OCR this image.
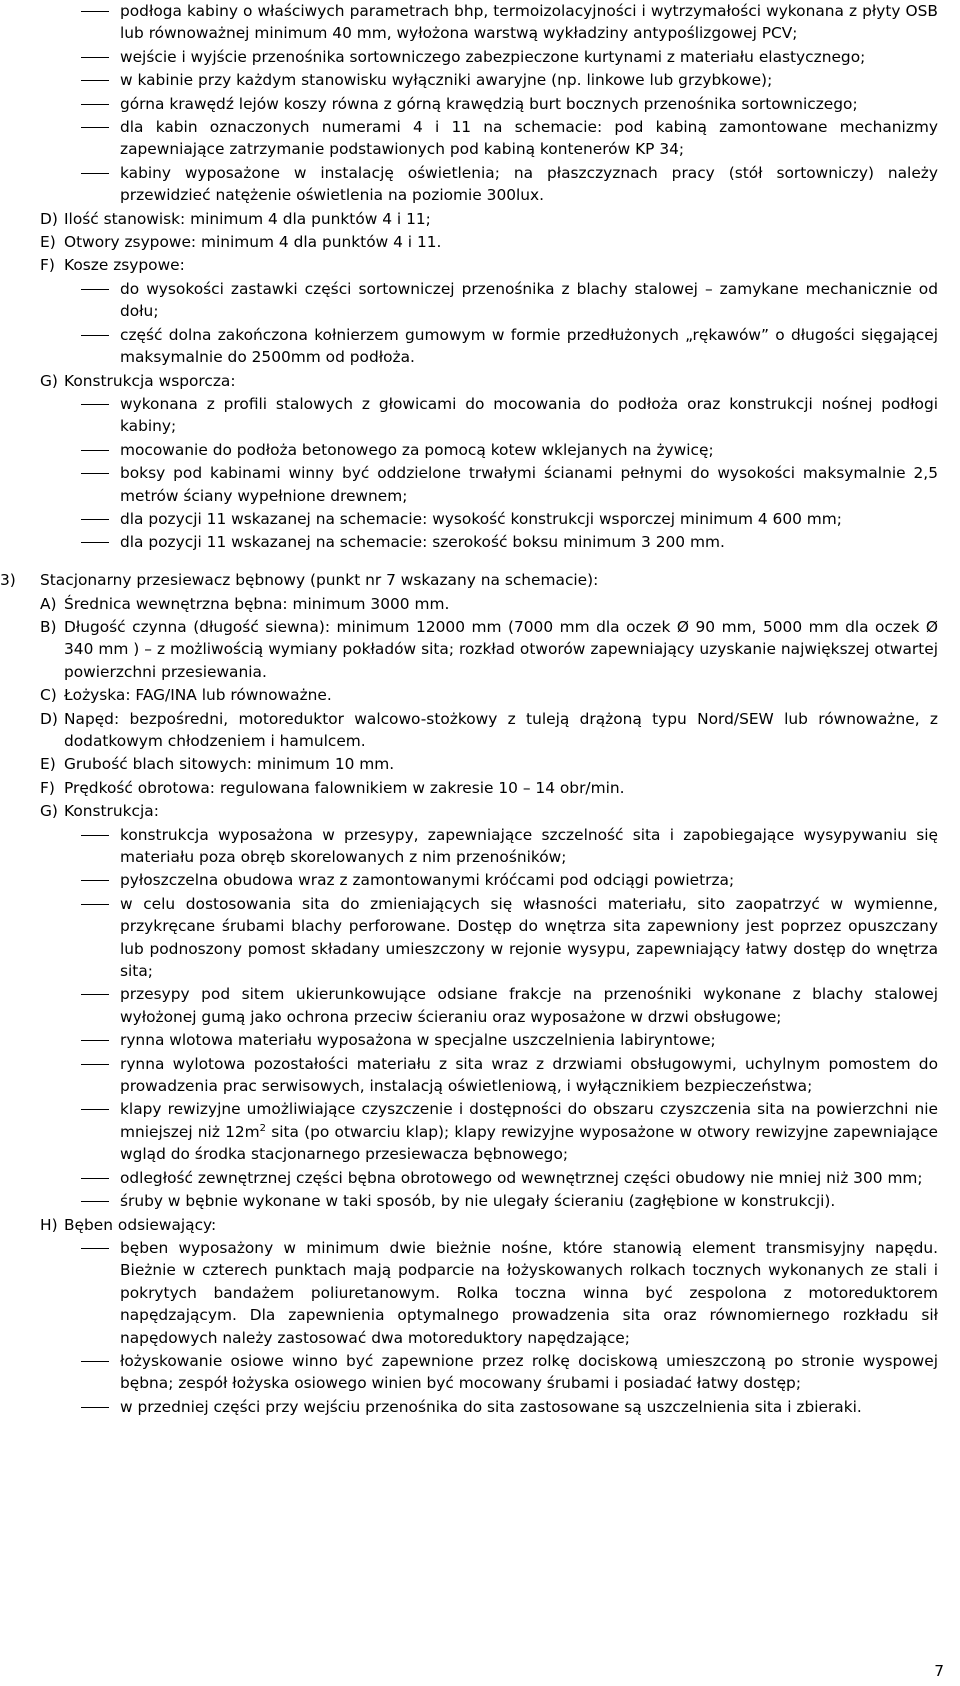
podłoga kabiny o właściwych parametrach bhp, termoizolacyjności i wytrzymałości wykonana z płyty OSB lub równoważnej minimum 40 mm, wyłożona warstwą wykładziny antypoślizgowej PCV;

wejście i wyjście przenośnika sortowniczego zabezpieczone kurtynami z materiału elastycznego;

w kabinie przy każdym stanowisku wyłączniki awaryjne (np. linkowe lub grzybkowe);

górna krawędź lejów koszy równa z górną krawędzią burt bocznych przenośnika sortowniczego;

dla kabin oznaczonych numerami 4 i 11 na schemacie: pod kabiną zamontowane mechanizmy zapewniające zatrzymanie podstawionych pod kabiną kontenerów KP 34;

kabiny wyposażone w instalację oświetlenia; na płaszczyznach pracy (stół sortowniczy) należy przewidzieć natężenie oświetlenia na poziomie 300lux.

D) Ilość stanowisk: minimum 4 dla punktów 4 i 11;

E) Otwory zsypowe: minimum 4 dla punktów 4 i 11.

F) Kosze zsypowe:

do wysokości zastawki części sortowniczej przenośnika z blachy stalowej – zamykane mechanicznie od dołu;

część dolna zakończona kołnierzem gumowym w formie przedłużonych „rękawów” o długości sięgającej maksymalnie do 2500mm od podłoża.

G) Konstrukcja wsporcza:

wykonana z profili stalowych z głowicami do mocowania do podłoża oraz konstrukcji nośnej podłogi kabiny;

mocowanie do podłoża betonowego za pomocą kotew wklejanych na żywicę;

boksy pod kabinami winny być oddzielone trwałymi ścianami pełnymi do wysokości maksymalnie 2,5 metrów ściany wypełnione drewnem;

dla pozycji 11 wskazanej na schemacie: wysokość konstrukcji wsporczej minimum 4 600 mm;

dla pozycji 11 wskazanej na schemacie: szerokość boksu minimum 3 200 mm.

3) Stacjonarny przesiewacz bębnowy (punkt nr 7 wskazany na schemacie):

A) Średnica wewnętrzna bębna: minimum 3000 mm.

B) Długość czynna (długość siewna): minimum 12000 mm (7000 mm dla oczek Ø 90 mm, 5000 mm dla oczek Ø 340 mm ) – z możliwością wymiany pokładów sita; rozkład otworów zapewniający uzyskanie największej otwartej powierzchni przesiewania.

C) Łożyska: FAG/INA lub równoważne.

D) Napęd: bezpośredni, motoreduktor walcowo-stożkowy z tuleją drążoną typu Nord/SEW lub równoważne, z dodatkowym chłodzeniem i hamulcem.

E) Grubość blach sitowych: minimum 10 mm.

F) Prędkość obrotowa: regulowana falownikiem w zakresie 10 – 14 obr/min.

G) Konstrukcja:

konstrukcja wyposażona w przesypy, zapewniające szczelność sita i zapobiegające wysypywaniu się materiału poza obręb skorelowanych z nim przenośników;

pyłoszczelna obudowa wraz z zamontowanymi króćcami pod odciągi powietrza;

w celu dostosowania sita do zmieniających się własności materiału, sito zaopatrzyć w wymienne, przykręcane śrubami blachy perforowane. Dostęp do wnętrza sita zapewniony jest poprzez opuszczany lub podnoszony pomost składany umieszczony w rejonie wysypu, zapewniający łatwy dostęp do wnętrza sita;

przesypy pod sitem ukierunkowujące odsiane frakcje na przenośniki wykonane z blachy stalowej wyłożonej gumą jako ochrona przeciw ścieraniu oraz wyposażone w drzwi obsługowe;

rynna wlotowa materiału wyposażona w specjalne uszczelnienia labiryntowe;

rynna wylotowa pozostałości materiału z sita wraz z drzwiami obsługowymi, uchylnym pomostem do prowadzenia prac serwisowych, instalacją oświetleniową, i wyłącznikiem bezpieczeństwa;

klapy rewizyjne umożliwiające czyszczenie i dostępności do obszaru czyszczenia sita na powierzchni nie mniejszej niż $12m^2$ sita (po otwarciu klap); klapy rewizyjne wyposażone w otwory rewizyjne zapewniające wgląd do środka stacjonarnego przesiewacza bębnowego;

odległość zewnętrznej części bębna obrotowego od wewnętrznej części obudowy nie mniej niż 300 mm;

śruby w bębnie wykonane w taki sposób, by nie ulegały ścieraniu (zagłębione w konstrukcji).

H) Bęben odsiewający:

bęben wyposażony w minimum dwie bieżnie nośne, które stanowią element transmisyjny napędu. Bieżnie w czterech punktach mają podparcie na łożyskowanych rolkach tocznych wykonanych ze stali i pokrytych bandażem poliuretanowym. Rolka toczna winna być zespolona z motoreduktorem napędzającym. Dla zapewnienia optymalnego prowadzenia sita oraz równomiernego rozkładu sił napędowych należy zastosować dwa motoreduktory napędzające;

łożyskowanie osiowe winno być zapewnione przez rolkę dociskową umieszczoną po stronie wyspowej bębna; zespół łożyska osiowego winien być mocowany śrubami i posiadać łatwy dostęp;

w przedniej części przy wejściu przenośnika do sita zastosowane są uszczelnienia sita i zbieraki.

7
